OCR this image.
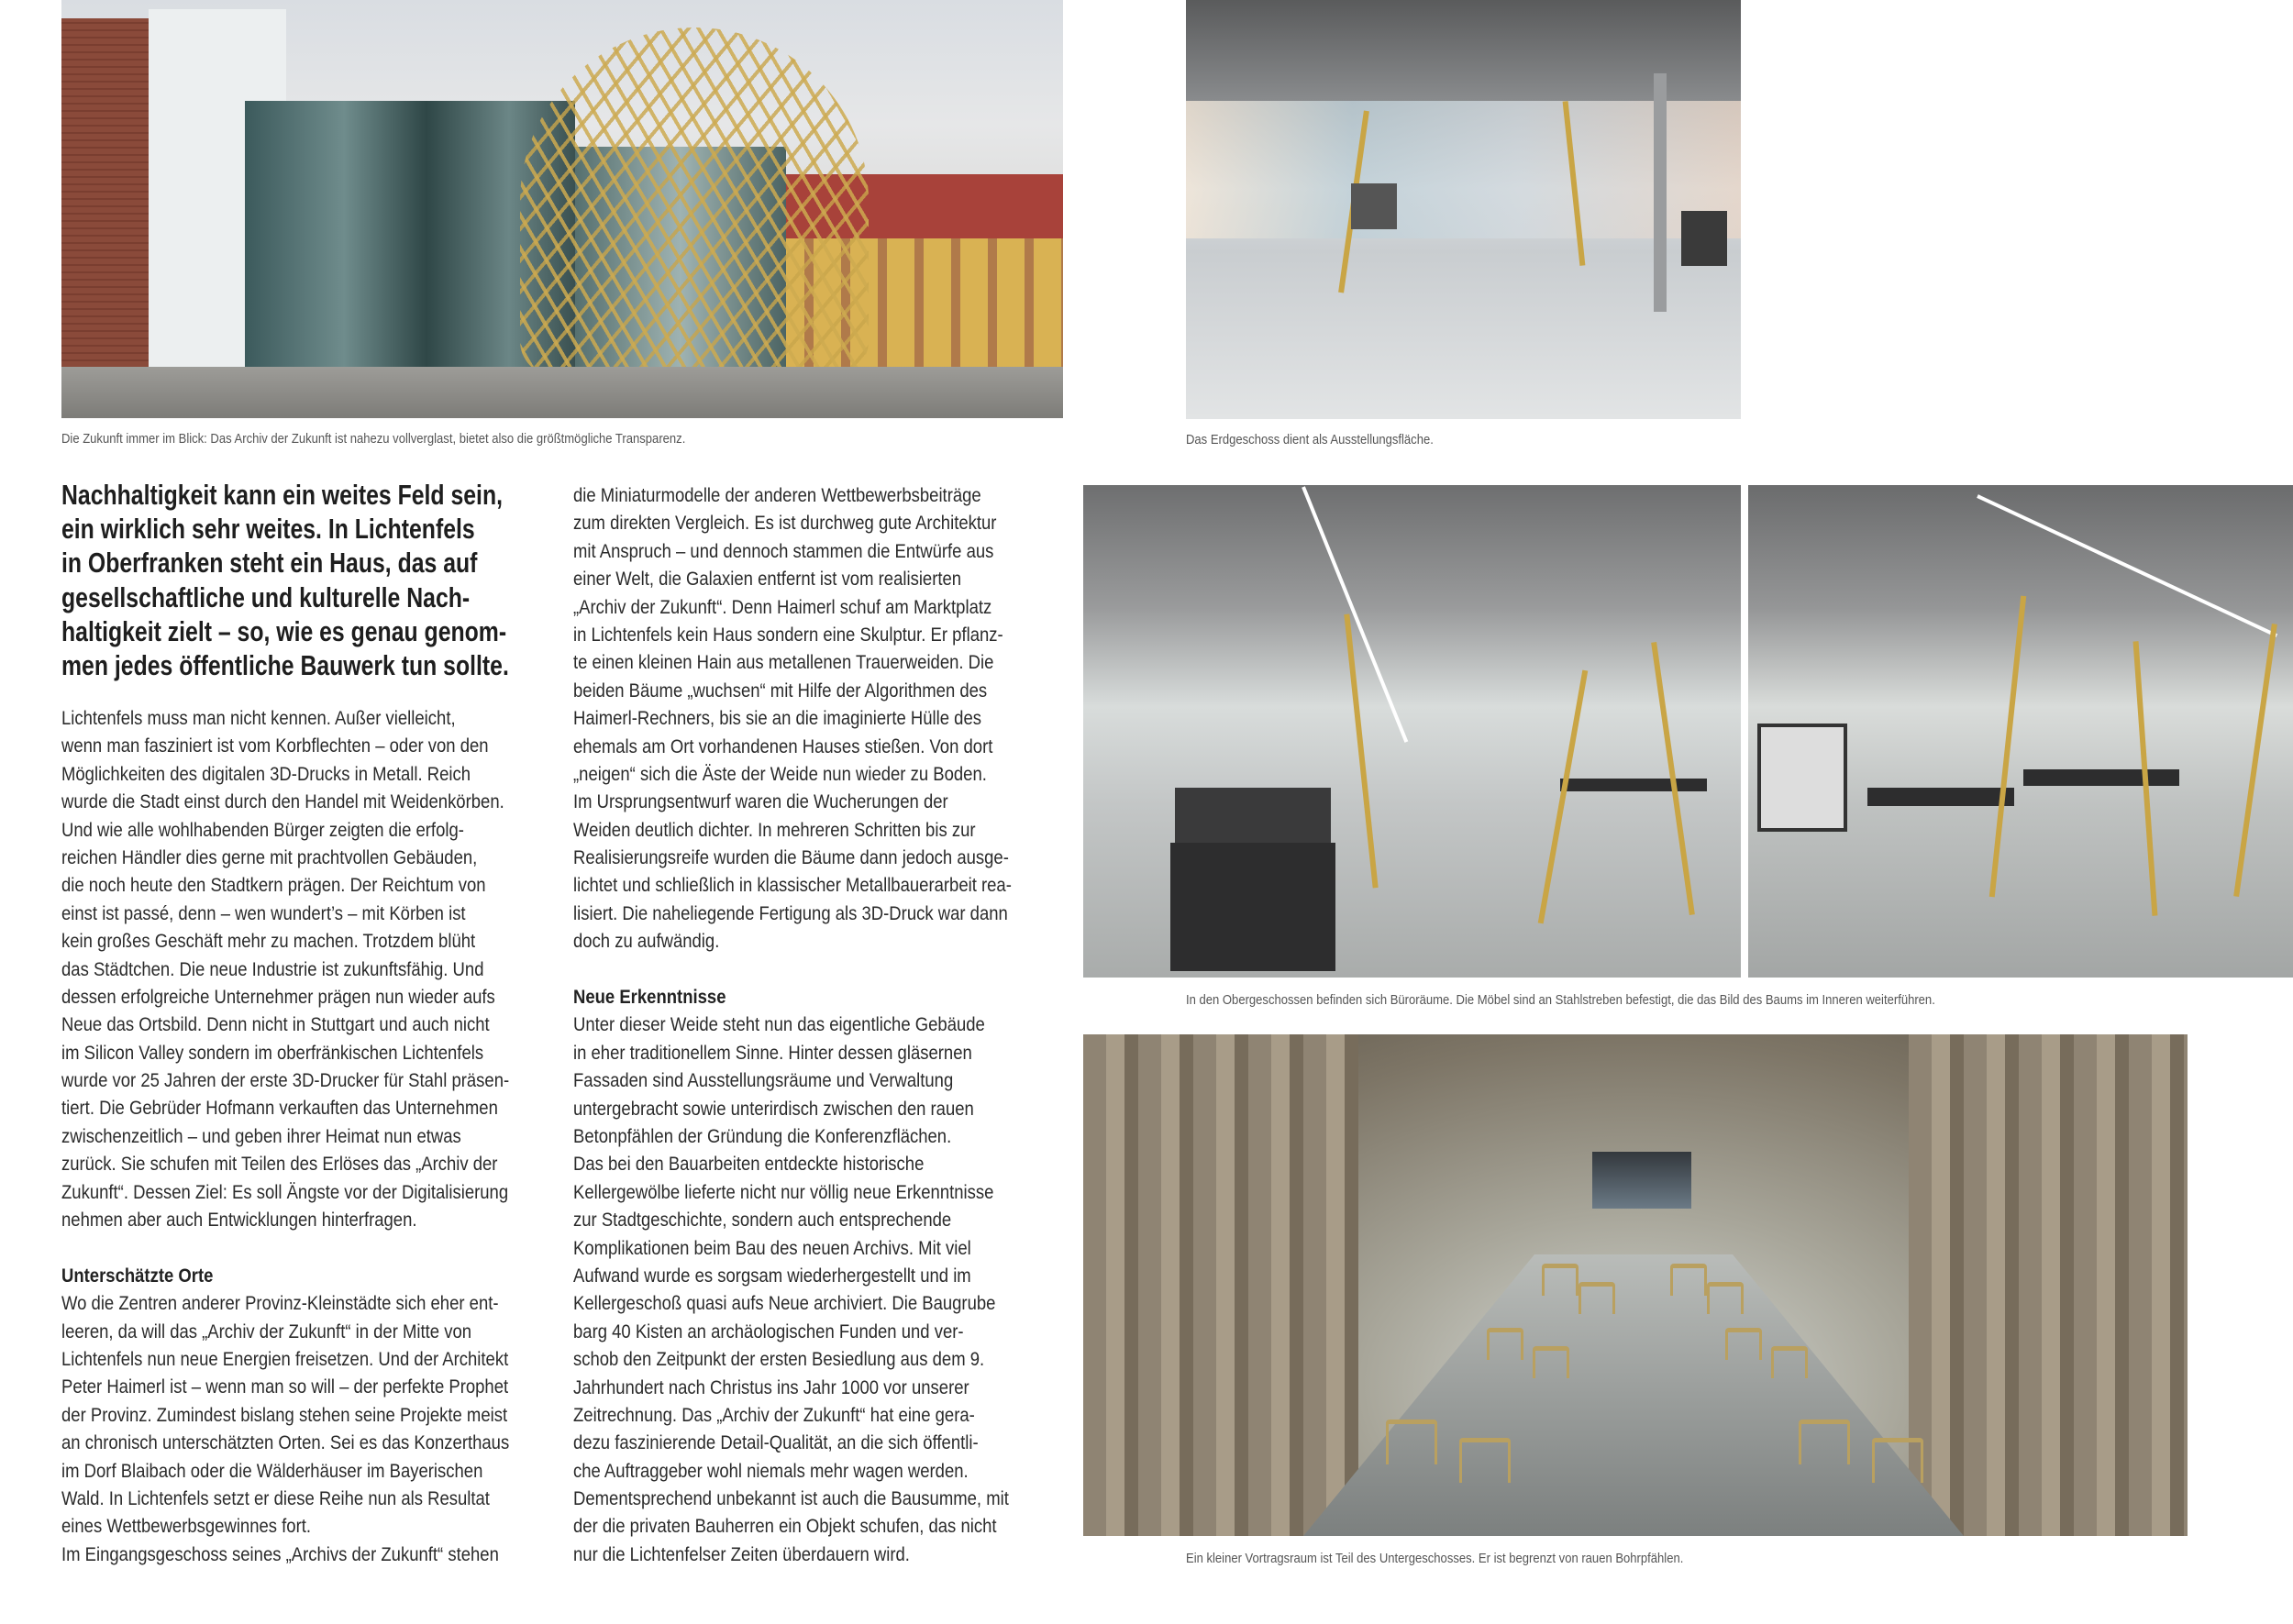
Die Zukunft immer im Blick: Das Archiv der Zukunft ist nahezu vollverglast, bietet also die größtmögliche Transparenz.	Das Erdgeschoss dient als Ausstellungsfläche.
In den Obergeschossen befinden sich Büroräume. Die Möbel sind an Stahlstreben befestigt, die das Bild des Baums im Inneren weiterführen.
Ein kleiner Vortragsraum ist Teil des Untergeschosses. Er ist begrenzt von rauen Bohrpfählen.
Nachhaltigkeit kann ein weites Feld sein,
ein wirklich sehr weites. In Lichtenfels
in Oberfranken steht ein Haus, das auf
gesellschaftliche und kulturelle Nach-
haltigkeit zielt – so, wie es genau genom-
men jedes öffentliche Bauwerk tun sollte.
Lichtenfels muss man nicht kennen. Außer vielleicht,
wenn man fasziniert ist vom Korbflechten – oder von den
Möglichkeiten des digitalen 3D-Drucks in Metall. Reich
wurde die Stadt einst durch den Handel mit Weidenkörben.
Und wie alle wohlhabenden Bürger zeigten die erfolg-
reichen Händler dies gerne mit prachtvollen Gebäuden,
die noch heute den Stadtkern prägen. Der Reichtum von
einst ist passé, denn – wen wundert’s – mit Körben ist
kein großes Geschäft mehr zu machen. Trotzdem blüht
das Städtchen. Die neue Industrie ist zukunftsfähig. Und
dessen erfolgreiche Unternehmer prägen nun wieder aufs
Neue das Ortsbild. Denn nicht in Stuttgart und auch nicht
im Silicon Valley sondern im oberfränkischen Lichtenfels
wurde vor 25 Jahren der erste 3D-Drucker für Stahl präsen-
tiert. Die Gebrüder Hofmann verkauften das Unternehmen
zwischenzeitlich – und geben ihrer Heimat nun etwas
zurück. Sie schufen mit Teilen des Erlöses das „Archiv der
Zukunft“. Dessen Ziel: Es soll Ängste vor der Digitalisierung
nehmen aber auch Entwicklungen hinterfragen.
Unterschätzte Orte
Wo die Zentren anderer Provinz-Kleinstädte sich eher ent-
leeren, da will das „Archiv der Zukunft“ in der Mitte von
Lichtenfels nun neue Energien freisetzen. Und der Architekt
Peter Haimerl ist – wenn man so will – der perfekte Prophet
der Provinz. Zumindest bislang stehen seine Projekte meist
an chronisch unterschätzten Orten. Sei es das Konzerthaus
im Dorf Blaibach oder die Wälderhäuser im Bayerischen
Wald. In Lichtenfels setzt er diese Reihe nun als Resultat
eines Wettbewerbsgewinnes fort.
Im Eingangsgeschoss seines „Archivs der Zukunft“ stehen
die Miniaturmodelle der anderen Wettbewerbsbeiträge
zum direkten Vergleich. Es ist durchweg gute Architektur
mit Anspruch – und dennoch stammen die Entwürfe aus
einer Welt, die Galaxien entfernt ist vom realisierten
„Archiv der Zukunft“. Denn Haimerl schuf am Marktplatz
in Lichtenfels kein Haus sondern eine Skulptur. Er pflanz-
te einen kleinen Hain aus metallenen Trauerweiden. Die
beiden Bäume „wuchsen“ mit Hilfe der Algorithmen des
Haimerl-Rechners, bis sie an die imaginierte Hülle des
ehemals am Ort vorhandenen Hauses stießen. Von dort
„neigen“ sich die Äste der Weide nun wieder zu Boden.
Im Ursprungsentwurf waren die Wucherungen der
Weiden deutlich dichter. In mehreren Schritten bis zur
Realisierungsreife wurden die Bäume dann jedoch ausge-
lichtet und schließlich in klassischer Metallbauerarbeit rea-
lisiert. Die naheliegende Fertigung als 3D-Druck war dann
doch zu aufwändig.
Neue Erkenntnisse
Unter dieser Weide steht nun das eigentliche Gebäude
in eher traditionellem Sinne. Hinter dessen gläsernen
Fassaden sind Ausstellungsräume und Verwaltung
untergebracht sowie unterirdisch zwischen den rauen
Betonpfählen der Gründung die Konferenzflächen.
Das bei den Bauarbeiten entdeckte historische
Kellergewölbe lieferte nicht nur völlig neue Erkenntnisse
zur Stadtgeschichte, sondern auch entsprechende
Komplikationen beim Bau des neuen Archivs. Mit viel
Aufwand wurde es sorgsam wiederhergestellt und im
Kellergeschoß quasi aufs Neue archiviert. Die Baugrube
barg 40 Kisten an archäologischen Funden und ver-
schob den Zeitpunkt der ersten Besiedlung aus dem 9.
Jahrhundert nach Christus ins Jahr 1000 vor unserer
Zeitrechnung. Das „Archiv der Zukunft“ hat eine gera-
dezu faszinierende Detail-Qualität, an die sich öffentli-
che Auftraggeber wohl niemals mehr wagen werden.
Dementsprechend unbekannt ist auch die Bausumme, mit
der die privaten Bauherren ein Objekt schufen, das nicht
nur die Lichtenfelser Zeiten überdauern wird.
